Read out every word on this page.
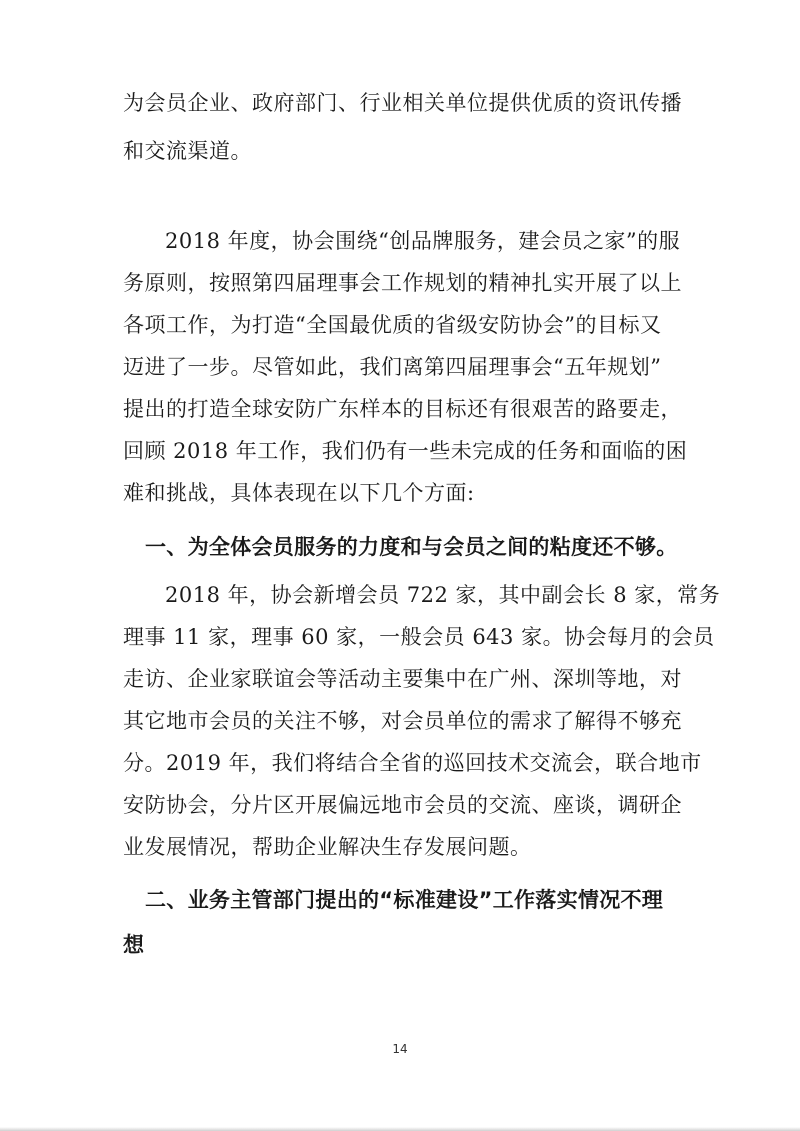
为会员企业、政府部门、行业相关单位提供优质的资讯传播
和交流渠道。
2018 年度，协会围绕“创品牌服务，建会员之家”的服
务原则，按照第四届理事会工作规划的精神扎实开展了以上
各项工作，为打造“全国最优质的省级安防协会”的目标又
迈进了一步。尽管如此，我们离第四届理事会“五年规划”
提出的打造全球安防广东样本的目标还有很艰苦的路要走，
回顾 2018 年工作，我们仍有一些未完成的任务和面临的困
难和挑战，具体表现在以下几个方面:
一、为全体会员服务的力度和与会员之间的粘度还不够。
2018 年，协会新增会员 722 家，其中副会长 8 家，常务
理事 11 家，理事 60 家，一般会员 643 家。协会每月的会员
走访、企业家联谊会等活动主要集中在广州、深圳等地，对
其它地市会员的关注不够，对会员单位的需求了解得不够充
分。2019 年，我们将结合全省的巡回技术交流会，联合地市
安防协会，分片区开展偏远地市会员的交流、座谈，调研企
业发展情况，帮助企业解决生存发展问题。
二、业务主管部门提出的“标准建设”工作落实情况不理
想
14
